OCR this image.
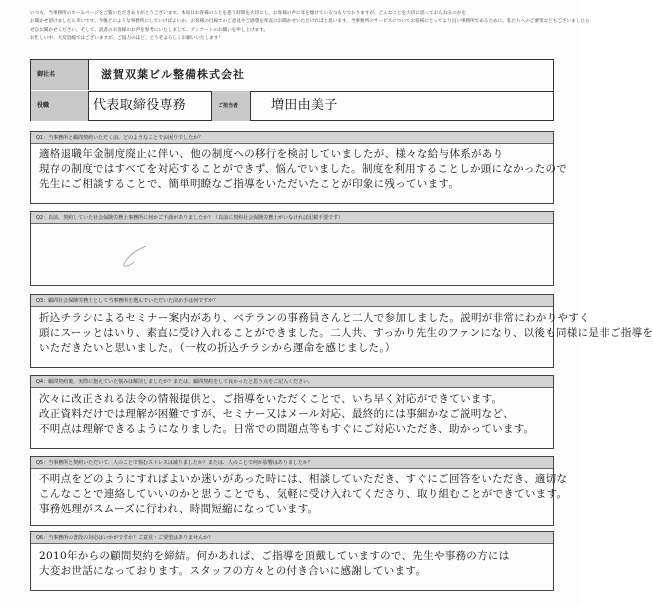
いつも、当事務所のホームページをご覧いただきありがとうございます。本毎日お客様のことを思う時間を大切にし、お客様の声に耳を傾けているつもりでおりますが、どんなことを大切に思っておられるのかを
お聞かせ頂けましたら幸いです。今後どのような事務所にしていけばよいか、お客様の目線でのご意見やご感想を率直にお聞かせいただければと思います。当事務所のサービスについてお客様にとってより良い事務所であるために、私たちへのご要望などもございましたら
ぜひお聞かせください。そして、読者のお客様のお声を参考にいたしまして、アンケートのお願いを申し上げます。
お忙しい中、大変恐縮ではございますが、ご協力のほど、どうぞよろしくお願いいたします！
御社名	滋賀双葉ビル整備株式会社
役職	代表取締役専務	ご担当者	増田由美子
Q1：当事務所と顧問契約いただく前、どのようなことでお困りでしたか？
適格退職年金制度廃止に伴い、他の制度への移行を検討していましたが、様々な給与体系があり
現存の制度ではすべてを対応することができず、悩んでいました。制度を利用することしか頭になかったので
先生にご相談することで、簡単明瞭なご指導をいただいたことが印象に残っています。
Q2：以前、契約していた社会保険労務士事務所に何かご不満がありましたか？（以前に契約社会保険労務士がいなければ記載不要です）
Q3：顧問社会保険労務士として当事務所を選んでいただいた決め手は何ですか？
折込チラシによるセミナー案内があり、ベテランの事務員さんと二人で参加しました。説明が非常にわかりやすく
頭にスーッとはいり、素直に受け入れることができました。二人共、すっかり先生のファンになり、以後も同様に是非ご指導を
いただきたいと思いました。（一枚の折込チラシから運命を感じました。）
Q4：顧問契約後、実際に抱えていた悩みは解決しましたか？または、顧問契約をして良かったと思う点をご記入ください。
次々に改正される法令の情報提供と、ご指導をいただくことで、いち早く対応ができています。
改正資料だけでは理解が困難ですが、セミナー又はメール対応、最終的には事細かなご説明など、
不明点は理解できるようになりました。日常での問題点等もすぐにご対応いただき、助かっています。
Q5：当事務所と契約いただいて、人のことで悩むストレスは減りましたか？または、人のことで何か影響はありましたか？
不明点をどのようにすればよいか迷いがあった時には、相談していただき、すぐにご回答をいただき、適切な
こんなことで連絡していいのかと思うことでも、気軽に受け入れてくださり、取り組むことができています。
事務処理がスムーズに行われ、時間短縮になっています。
Q6：当事務所の普段の対応はいかがですか？ご意見・ご要望はありませんか？
2010年からの顧問契約を締結。何かあれば、ご指導を頂戴していますので、先生や事務の方には
大変お世話になっております。スタッフの方々との付き合いに感謝しています。
